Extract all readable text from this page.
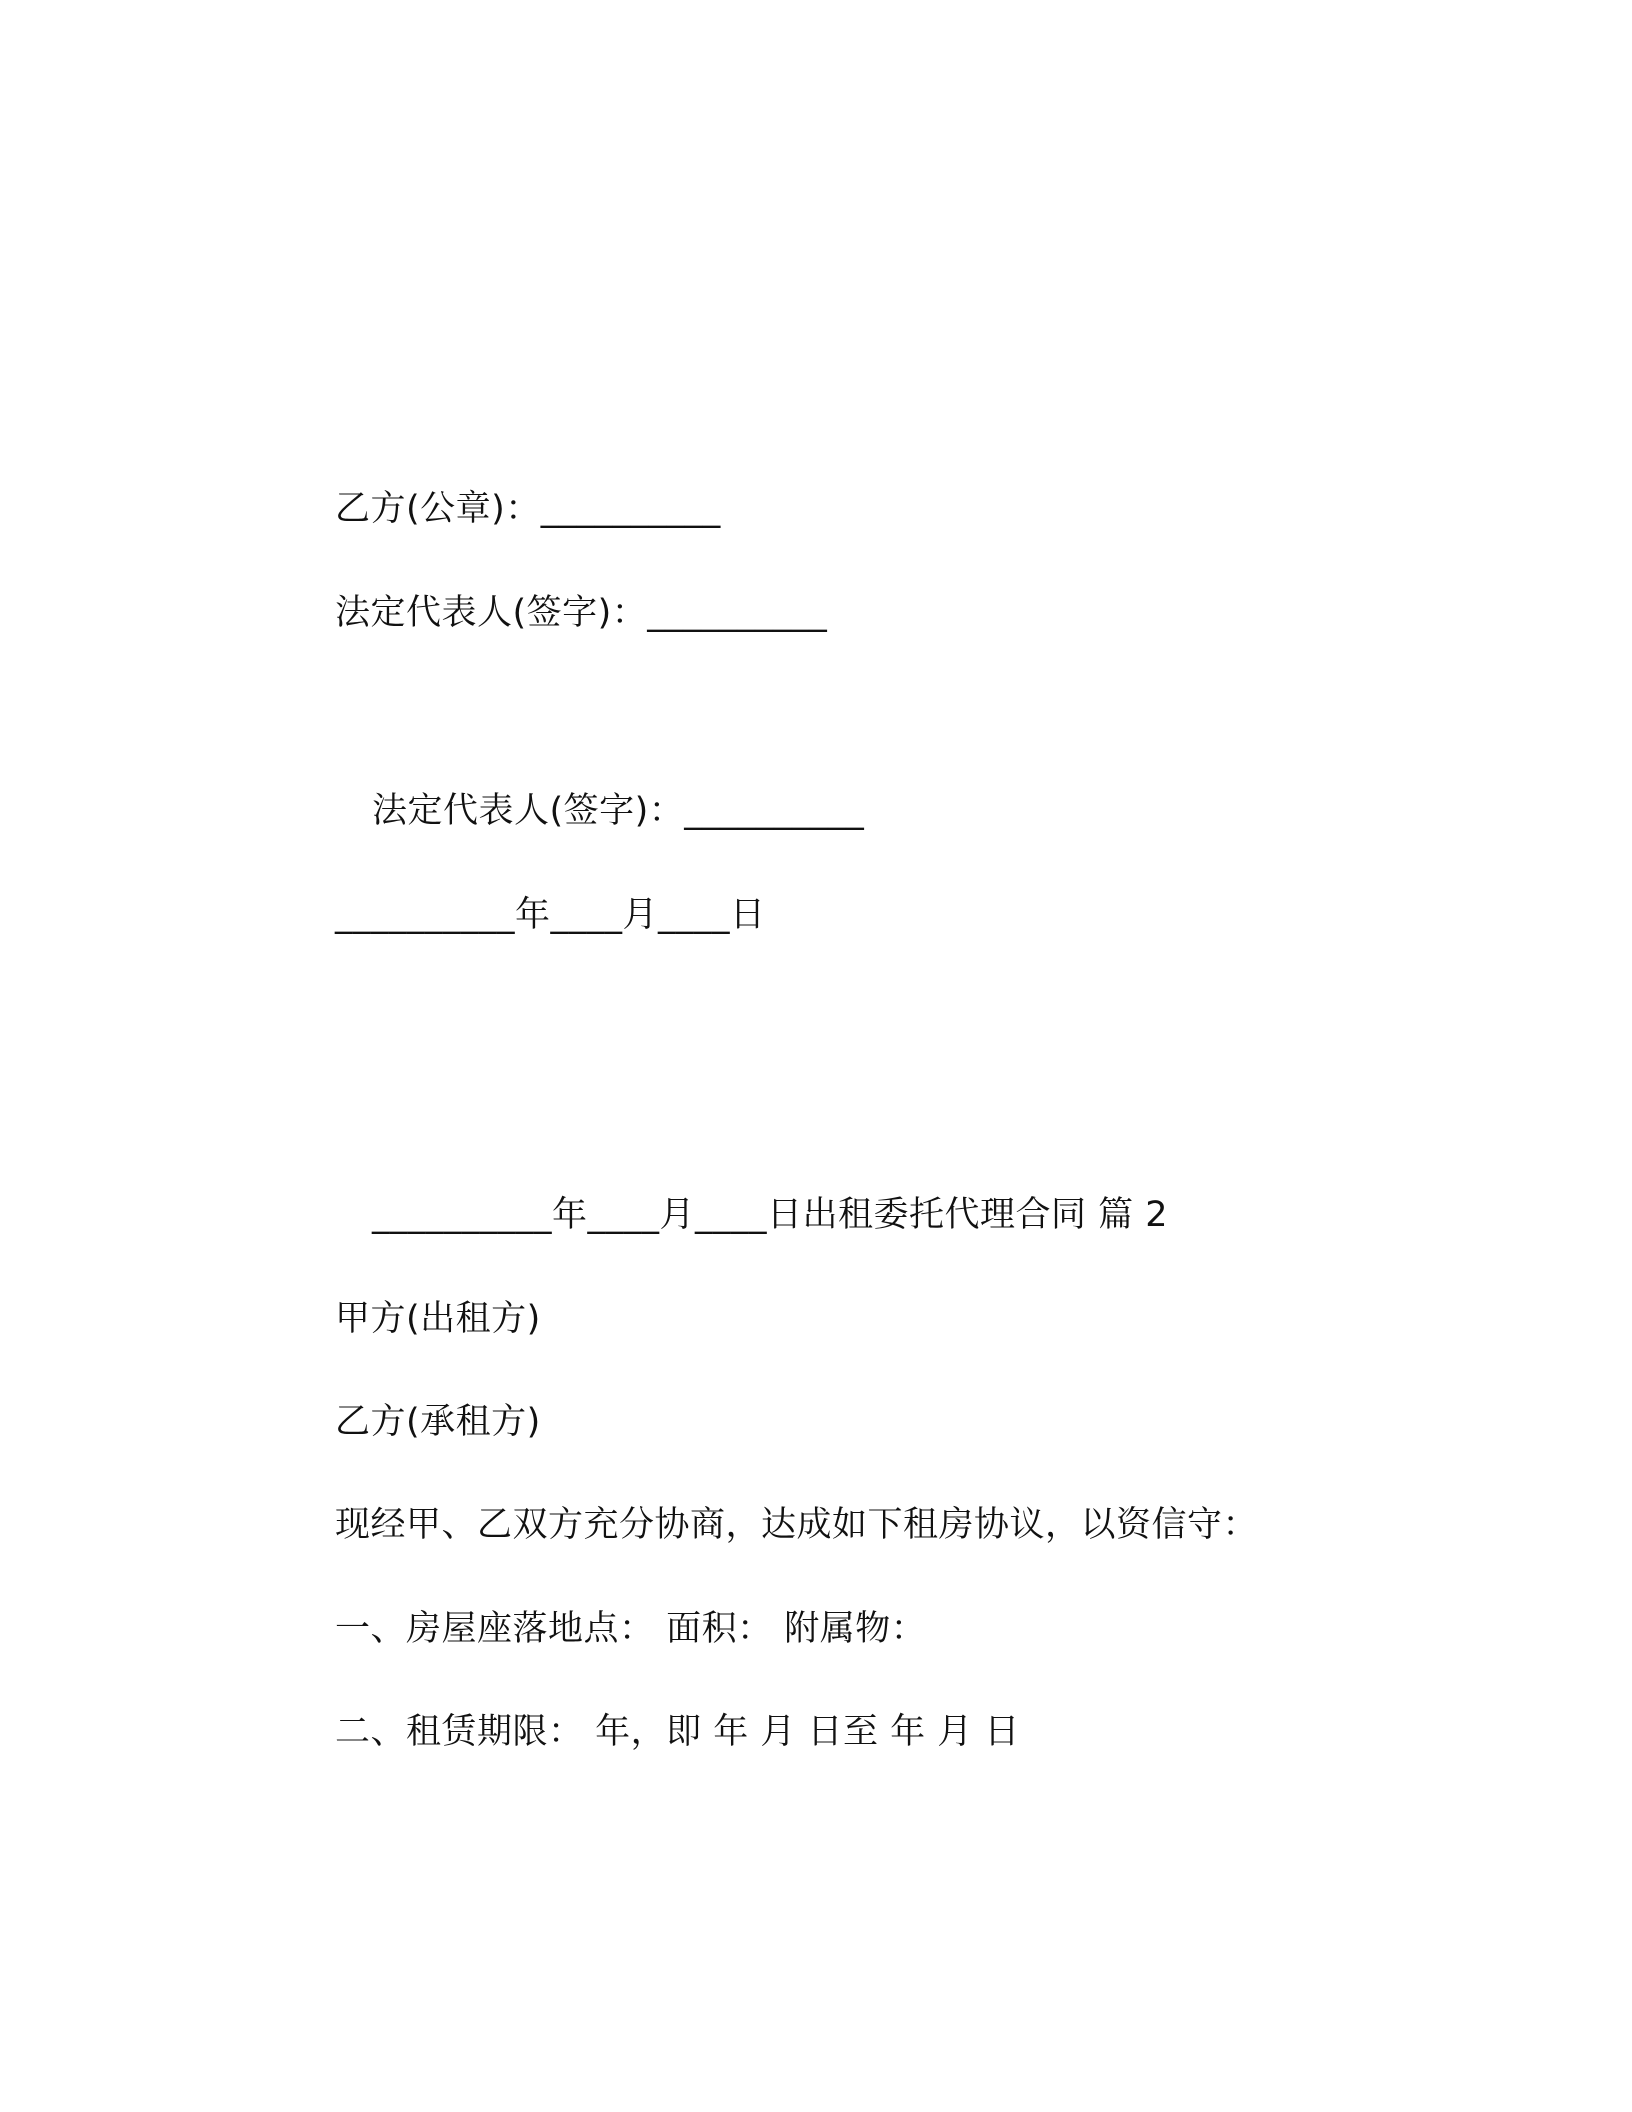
乙方(公章)：__________
法定代表人(签字)：__________
法定代表人(签字)：__________
__________年____月____日
__________年____月____日出租委托代理合同 篇 2
甲方(出租方)
乙方(承租方)
现经甲、乙双方充分协商，达成如下租房协议，以资信守：
一、房屋座落地点： 面积： 附属物：
二、租赁期限： 年，即 年 月 日至 年 月 日
